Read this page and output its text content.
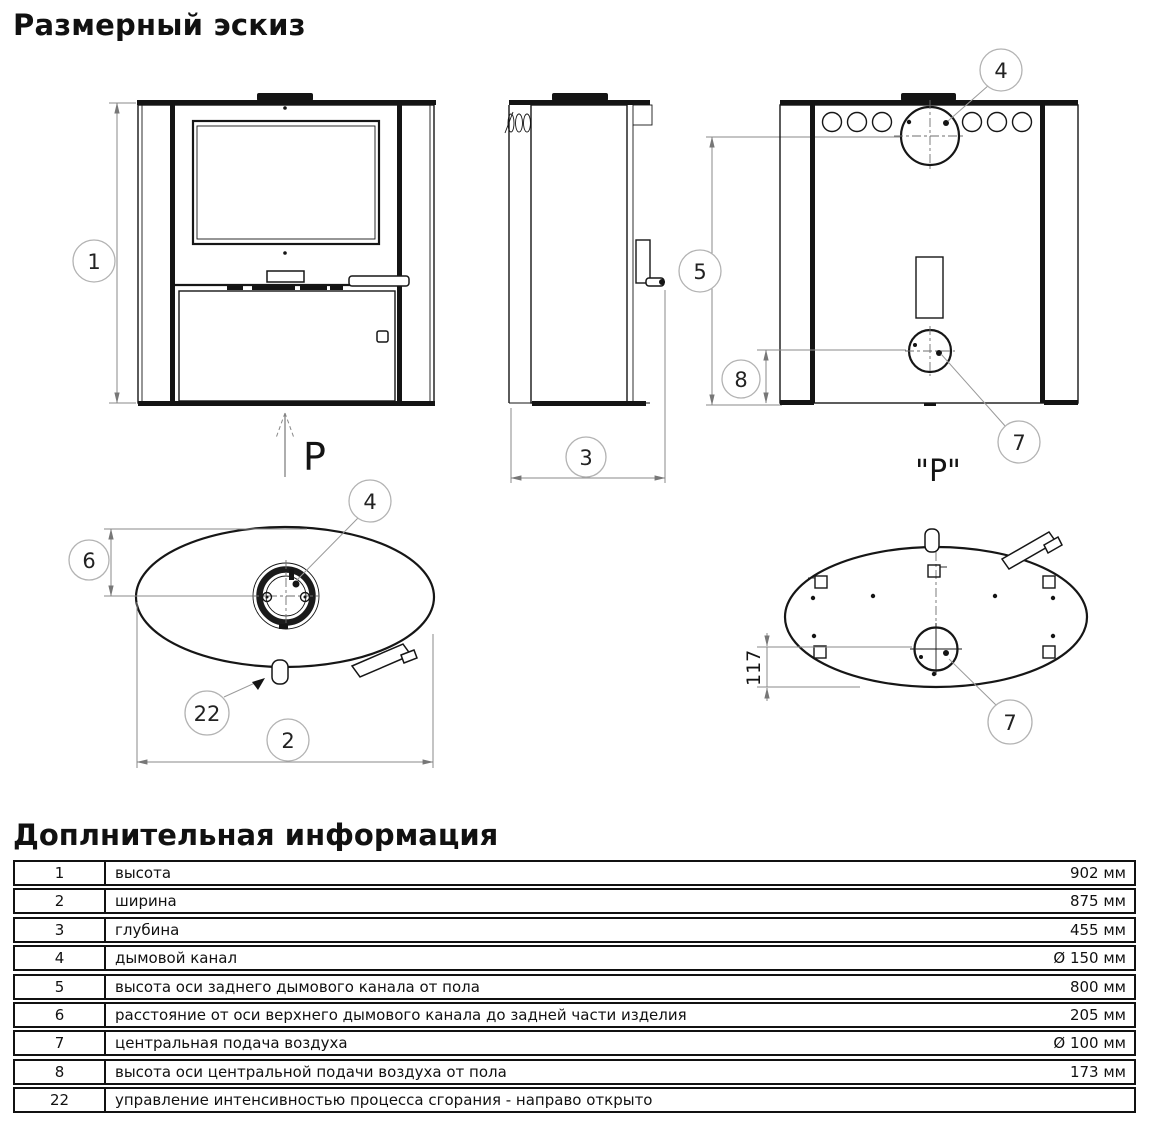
Размерный эскиз
1
P	3
5
"P"
4
7
8
4
6
2
22
117
7
Доплнительная информация
1	высота	902 мм
2	ширина	875 мм
3	глубина	455 мм
4	дымовой канал	Ø 150 мм
5	высота оси заднего дымового канала от пола	800 мм
6	расстояние от оси верхнего дымового канала до задней части изделия	205 мм
7	центральная подача воздуха	Ø 100 мм
8	высота оси центральной подачи воздуха от пола	173 мм
22	управление интенсивностью процесса сгорания - направо открыто
